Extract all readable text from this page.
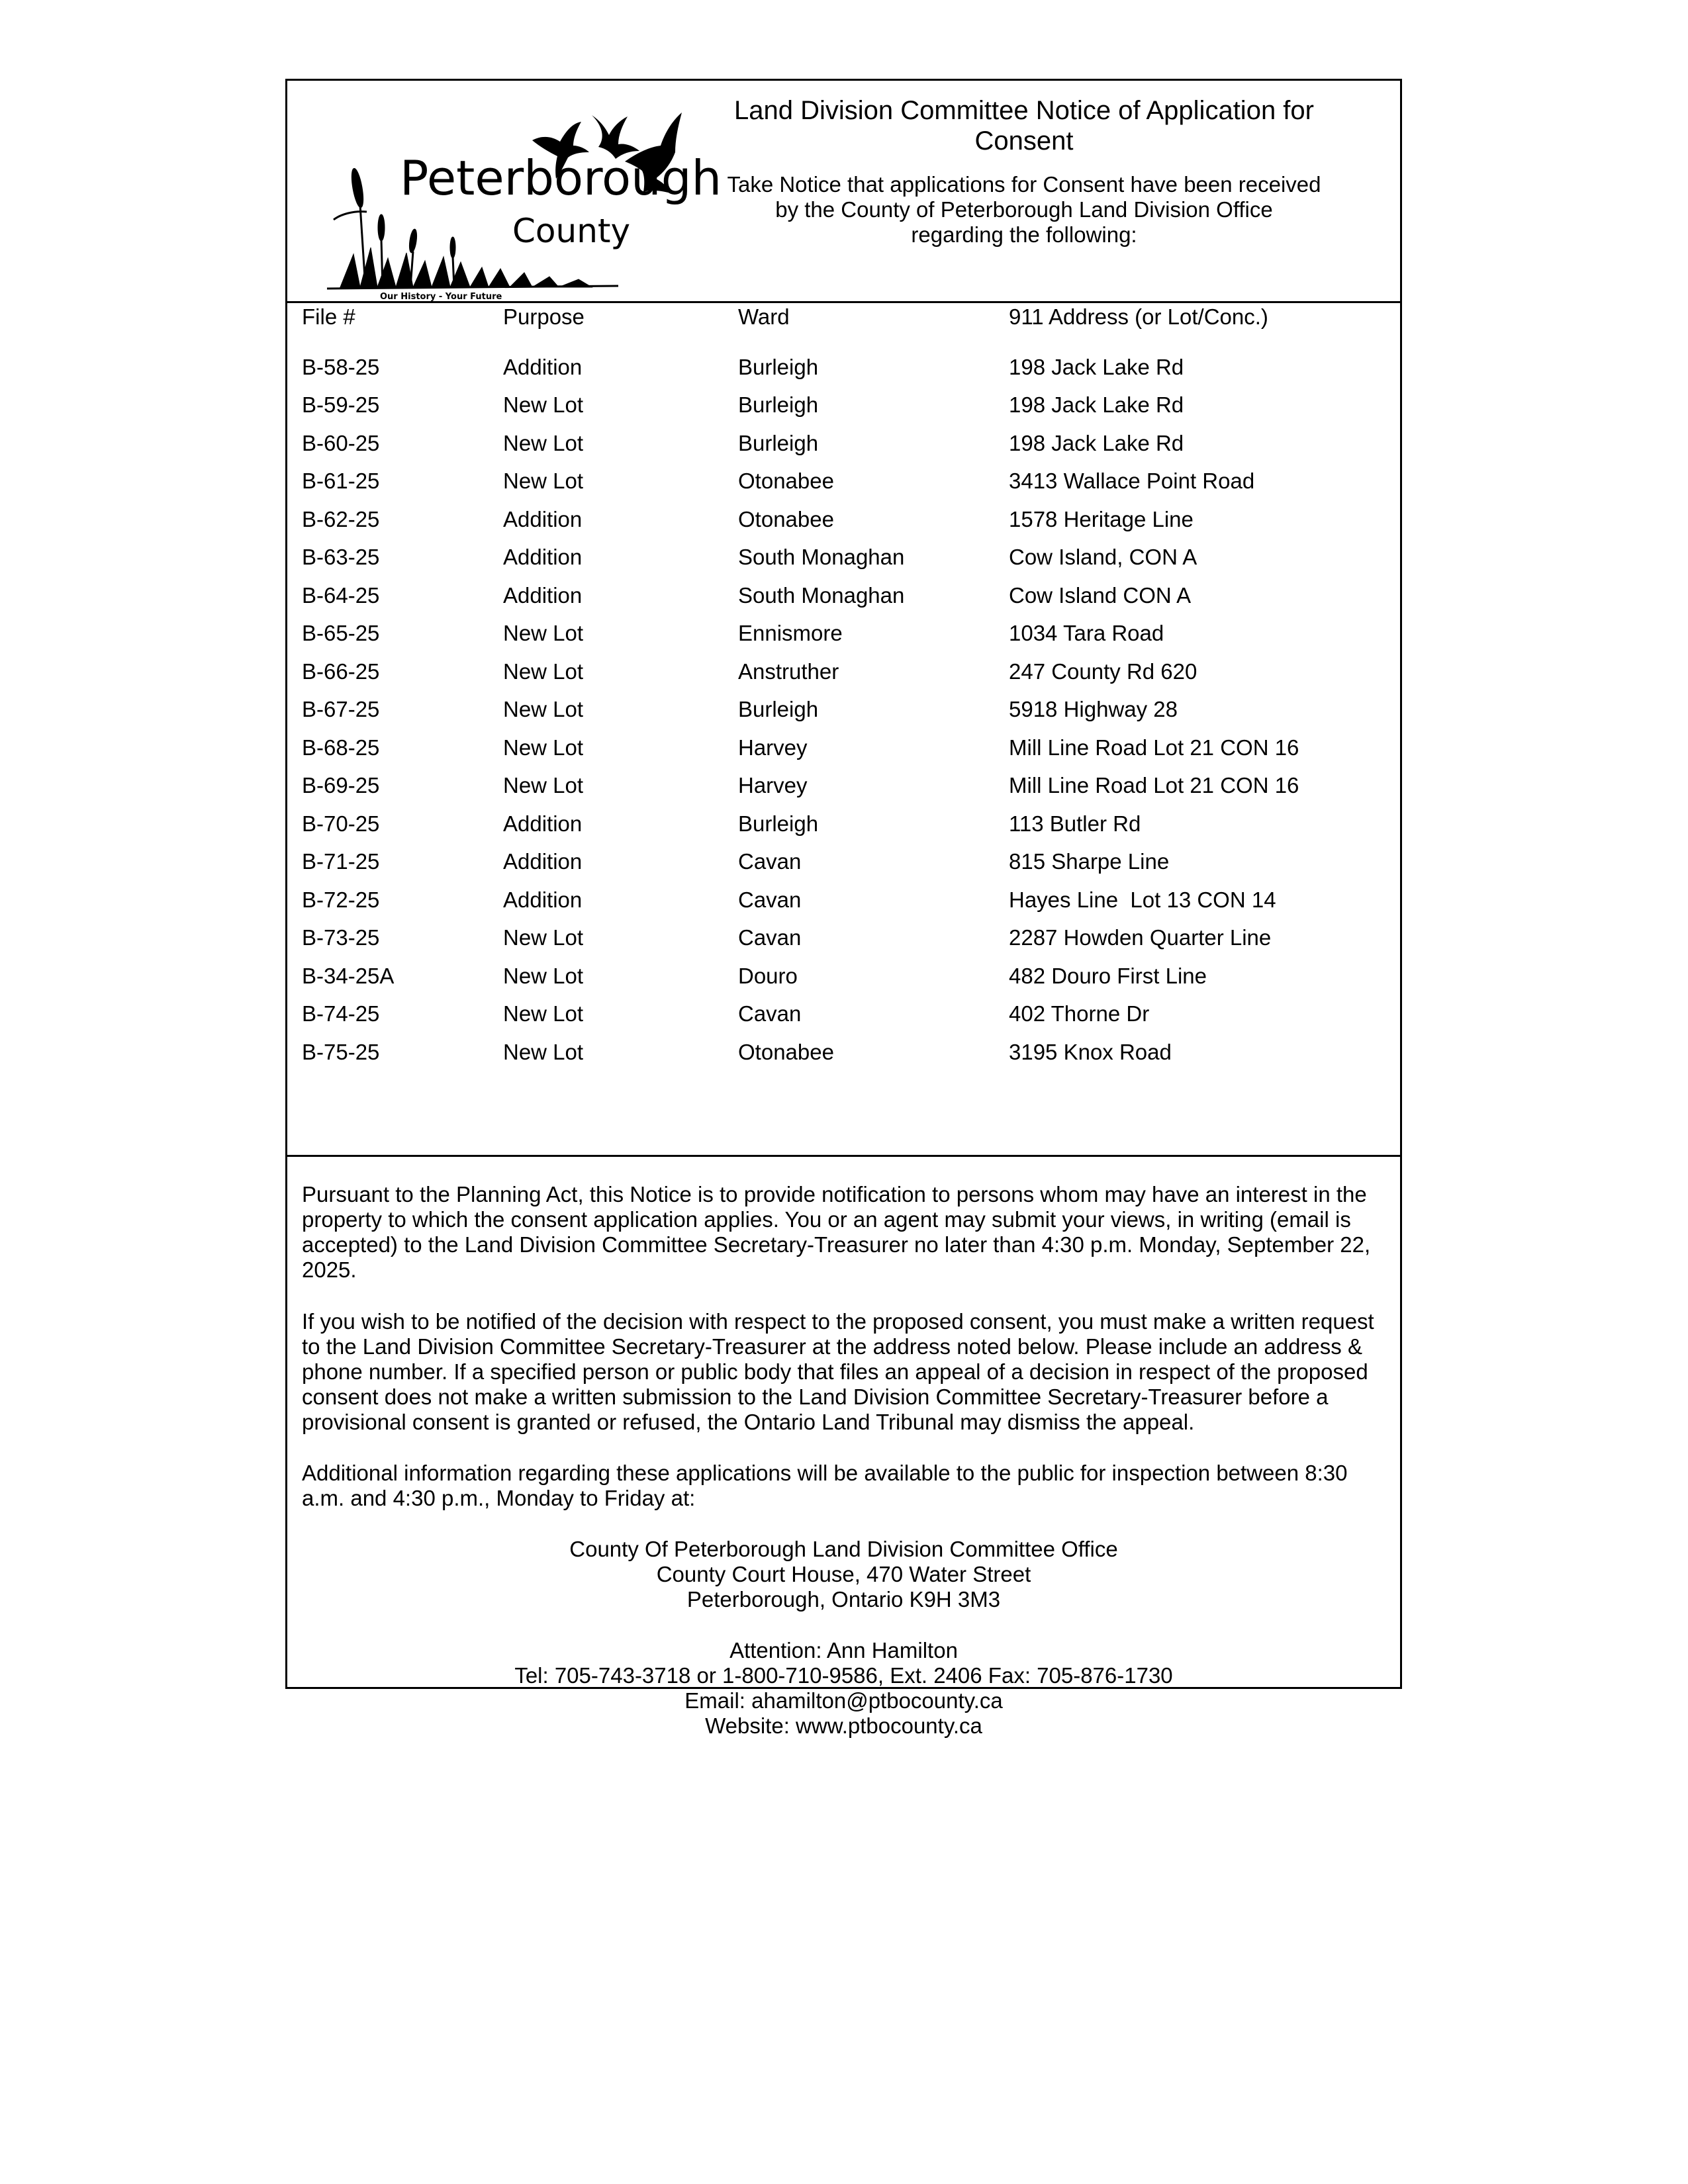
Peterborough
County
Our History - Your Future
Land Division Committee Notice of Application for Consent

Take Notice that applications for Consent have been received by the County of Peterborough Land Division Office regarding the following:

File #	Purpose	Ward	911 Address (or Lot/Conc.)
B-58-25	Addition	Burleigh	198 Jack Lake Rd
B-59-25	New Lot	Burleigh	198 Jack Lake Rd
B-60-25	New Lot	Burleigh	198 Jack Lake Rd
B-61-25	New Lot	Otonabee	3413 Wallace Point Road
B-62-25	Addition	Otonabee	1578 Heritage Line
B-63-25	Addition	South Monaghan	Cow Island, CON A
B-64-25	Addition	South Monaghan	Cow Island CON A
B-65-25	New Lot	Ennismore	1034 Tara Road
B-66-25	New Lot	Anstruther	247 County Rd 620
B-67-25	New Lot	Burleigh	5918 Highway 28
B-68-25	New Lot	Harvey	Mill Line Road Lot 21 CON 16
B-69-25	New Lot	Harvey	Mill Line Road Lot 21 CON 16
B-70-25	Addition	Burleigh	113 Butler Rd
B-71-25	Addition	Cavan	815 Sharpe Line
B-72-25	Addition	Cavan	Hayes Line  Lot 13 CON 14
B-73-25	New Lot	Cavan	2287 Howden Quarter Line
B-34-25A	New Lot	Douro	482 Douro First Line
B-74-25	New Lot	Cavan	402 Thorne Dr
B-75-25	New Lot	Otonabee	3195 Knox Road

Pursuant to the Planning Act, this Notice is to provide notification to persons whom may have an interest in the property to which the consent application applies. You or an agent may submit your views, in writing (email is accepted) to the Land Division Committee Secretary-Treasurer no later than 4:30 p.m. Monday, September 22, 2025.

If you wish to be notified of the decision with respect to the proposed consent, you must make a written request to the Land Division Committee Secretary-Treasurer at the address noted below. Please include an address & phone number. If a specified person or public body that files an appeal of a decision in respect of the proposed consent does not make a written submission to the Land Division Committee Secretary-Treasurer before a provisional consent is granted or refused, the Ontario Land Tribunal may dismiss the appeal.

Additional information regarding these applications will be available to the public for inspection between 8:30 a.m. and 4:30 p.m., Monday to Friday at:

County Of Peterborough Land Division Committee Office
County Court House, 470 Water Street
Peterborough, Ontario K9H 3M3
Attention: Ann Hamilton
Tel: 705-743-3718 or 1-800-710-9586, Ext. 2406 Fax: 705-876-1730
Email: ahamilton@ptbocounty.ca
Website: www.ptbocounty.ca
